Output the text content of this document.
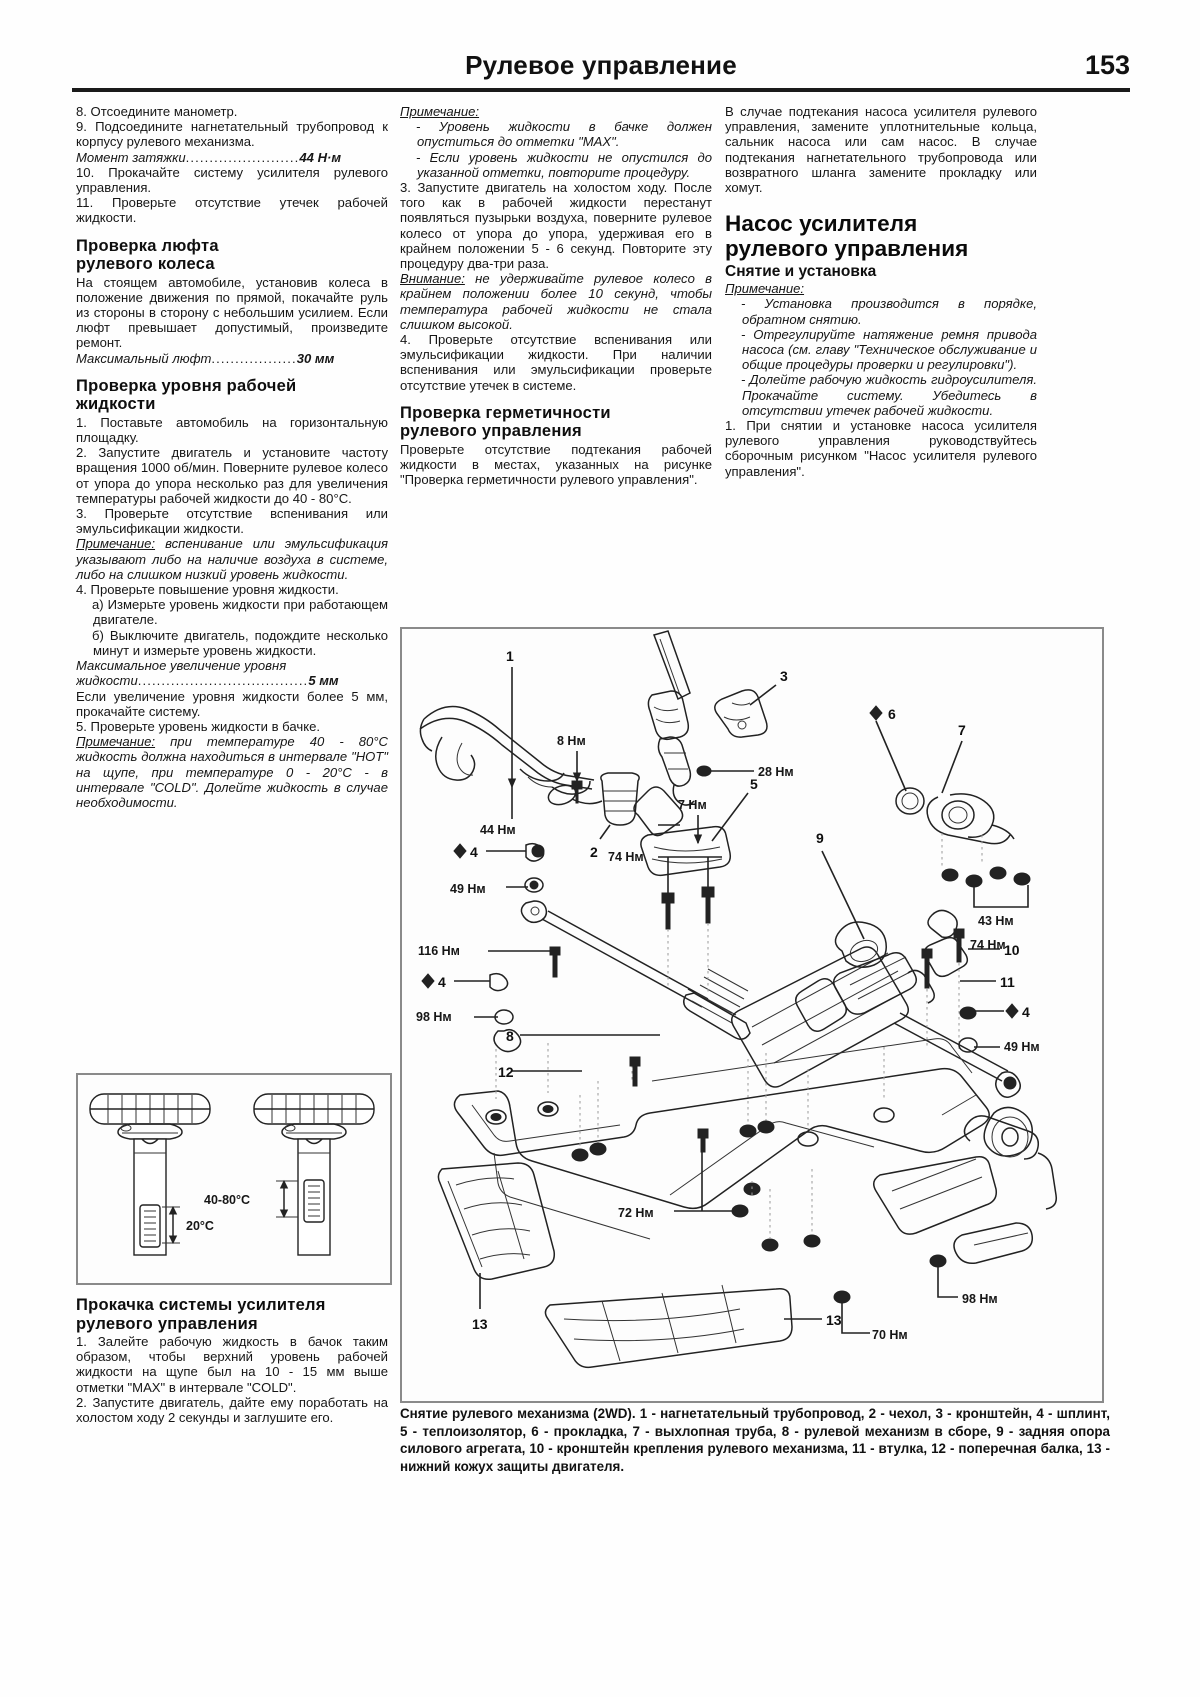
Рулевое управление	153

8. Отсоедините манометр.

9. Подсоедините нагнетательный трубопровод к корпусу рулевого механизма.

Момент затяжки........................44 Н·м

10. Прокачайте систему усилителя рулевого управления.

11. Проверьте отсутствие утечек рабочей жидкости.

Проверка люфта
рулевого колеса

На стоящем автомобиле, установив колеса в положение движения по прямой, покачайте руль из стороны в сторону с небольшим усилием. Если люфт превышает допустимый, произведите ремонт.

Максимальный люфт..................30 мм
Проверка уровня рабочей
жидкости

1. Поставьте автомобиль на горизонтальную площадку.

2. Запустите двигатель и установите частоту вращения 1000 об/мин. Поверните рулевое колесо от упора до упора несколько раз для увеличения температуры рабочей жидкости до 40 - 80°С.

3. Проверьте отсутствие вспенивания или эмульсификации жидкости.

Примечание: вспенивание или эмульсификация указывают либо на наличие воздуха в системе, либо на слишком низкий уровень жидкости.

4. Проверьте повышение уровня жидкости.

а) Измерьте уровень жидкости при работающем двигателе.
б) Выключите двигатель, подождите несколько минут и измерьте уровень жидкости.
Максимальное увеличение уровня
жидкости....................................5 мм

Если увеличение уровня жидкости более 5 мм, прокачайте систему.

5. Проверьте уровень жидкости в бачке.

Примечание: при температуре 40 - 80°С жидкость должна находиться в интервале "HOT" на щупе, при температуре 0 - 20°С - в интервале "COLD". Долейте жидкость в случае необходимости.

20°C
40-80°C
Прокачка системы усилителя
рулевого управления

1. Залейте рабочую жидкость в бачок таким образом, чтобы верхний уровень рабочей жидкости на щупе был на 10 - 15 мм выше отметки "MAX" в интервале "COLD".

2. Запустите двигатель, дайте ему поработать на холостом ходу 2 секунды и заглушите его.

Примечание:

- Уровень жидкости в бачке должен опуститься до отметки "MAX".
- Если уровень жидкости не опустился до указанной отметки, повторите процедуру.

3. Запустите двигатель на холостом ходу. После того как в рабочей жидкости перестанут появляться пузырьки воздуха, поверните рулевое колесо от упора до упора, удерживая его в крайнем положении 5 - 6 секунд. Повторите эту процедуру два-три раза.

Внимание: не удерживайте рулевое колесо в крайнем положении более 10 секунд, чтобы температура рабочей жидкости не стала слишком высокой.

4. Проверьте отсутствие вспенивания или эмульсификации жидкости. При наличии вспенивания или эмульсификации проверьте отсутствие утечек в системе.

Проверка герметичности
рулевого управления

Проверьте отсутствие подтекания рабочей жидкости в местах, указанных на рисунке "Проверка герметичности рулевого управления".

В случае подтекания насоса усилителя рулевого управления, замените уплотнительные кольца, сальник насоса или сам насос. В случае подтекания нагнетательного трубопровода или возвратного шланга замените прокладку или хомут.

Насос усилителя
рулевого управления
Снятие и установка

Примечание:

- Установка производится в порядке, обратном снятию.
- Отрегулируйте натяжение ремня привода насоса (см. главу "Техническое обслуживание и общие процедуры проверки и регулировки").
- Долейте рабочую жидкость гидроусилителя. Прокачайте систему. Убедитесь в отсутствии утечек рабочей жидкости.

1. При снятии и установке насоса усилителя рулевого управления руководствуйтесь сборочным рисунком "Насос усилителя рулевого управления".

1
44 Нм
8 Нм
2
3
28 Нм
7 Нм
5
4
49 Нм
8
74 Нм
9
10
11
6
7
43 Нм
74 Нм
116 Нм
4
98 Нм	4
49 Нм
12
72 Нм
98 Нм
70 Нм
13	13
Снятие рулевого механизма (2WD). 1 - нагнетательный трубопровод, 2 - чехол, 3 - кронштейн, 4 - шплинт, 5 - теплоизолятор, 6 - прокладка, 7 - выхлопная труба, 8 - рулевой механизм в сборе, 9 - задняя опора силового агрегата, 10 - кронштейн крепления рулевого механизма, 11 - втулка, 12 - поперечная балка, 13 - нижний кожух защиты двигателя.
